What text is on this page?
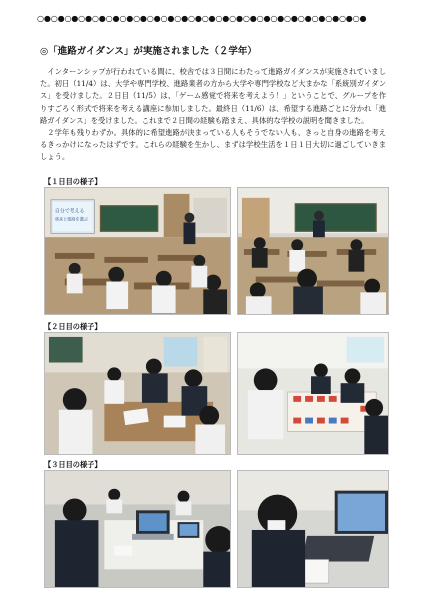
○●○●○●○●○●○●○●○●○●○●○●○●○●○●○●○●○●○●○●○●○●○●○●○●
◎「進路ガイダンス」が実施されました（２学年）

インターンシップが行われている間に、校舎では３日間にわたって進路ガイダンスが実施されていました。初日（11/4）は、大学や専門学校、進路業者の方から大学や専門学校など大まかな「系統別ガイダンス」を受けました。２日目（11/5）は、「ゲーム感覚で将来を考えよう！」ということで、グループを作りすごろく形式で将来を考える講座に参加しました。最終日（11/6）は、希望する進路ごとに分かれ「進路ガイダンス」を受けました。これまで２日間の経験も踏まえ、具体的な学校の説明を聞きました。

２学年も残りわずか。具体的に希望進路が決まっている人もそうでない人も、きっと自身の進路を考えるきっかけになったはずです。これらの経験を生かし、まずは学校生活を１日１日大切に過ごしていきましょう。

【１日目の様子】
自分で考える
将来と進路を選ぶ
【２日目の様子】
【３日目の様子】
